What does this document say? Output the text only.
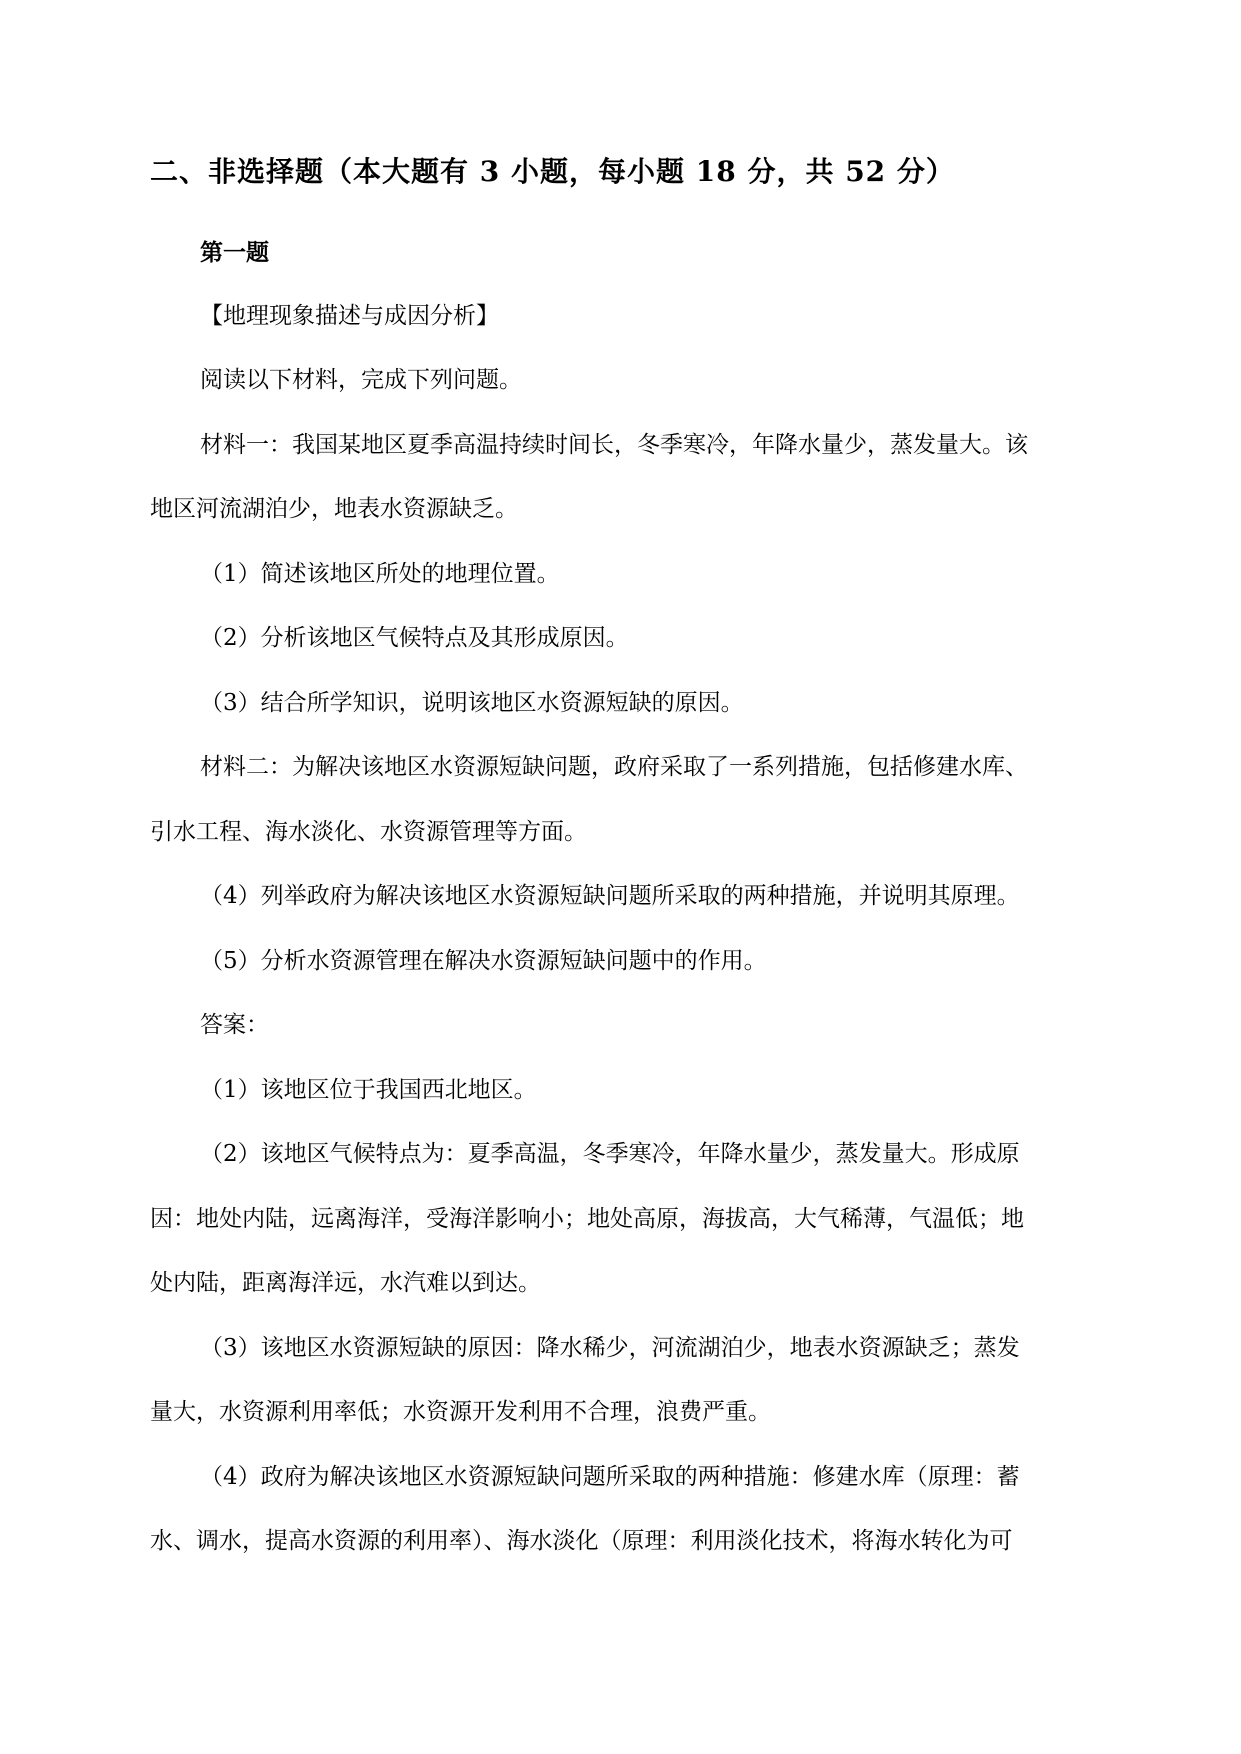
二、非选择题（本大题有 3 小题，每小题 18 分，共 52 分）

第一题

【地理现象描述与成因分析】

阅读以下材料，完成下列问题。

材料一：我国某地区夏季高温持续时间长，冬季寒冷，年降水量少，蒸发量大。该

地区河流湖泊少，地表水资源缺乏。

（1）简述该地区所处的地理位置。

（2）分析该地区气候特点及其形成原因。

（3）结合所学知识，说明该地区水资源短缺的原因。

材料二：为解决该地区水资源短缺问题，政府采取了一系列措施，包括修建水库、

引水工程、海水淡化、水资源管理等方面。

（4）列举政府为解决该地区水资源短缺问题所采取的两种措施，并说明其原理。

（5）分析水资源管理在解决水资源短缺问题中的作用。

答案：

（1）该地区位于我国西北地区。

（2）该地区气候特点为：夏季高温，冬季寒冷，年降水量少，蒸发量大。形成原

因：地处内陆，远离海洋，受海洋影响小；地处高原，海拔高，大气稀薄，气温低；地

处内陆，距离海洋远，水汽难以到达。

（3）该地区水资源短缺的原因：降水稀少，河流湖泊少，地表水资源缺乏；蒸发

量大，水资源利用率低；水资源开发利用不合理，浪费严重。

（4）政府为解决该地区水资源短缺问题所采取的两种措施：修建水库（原理：蓄

水、调水，提高水资源的利用率）、海水淡化（原理：利用淡化技术，将海水转化为可
